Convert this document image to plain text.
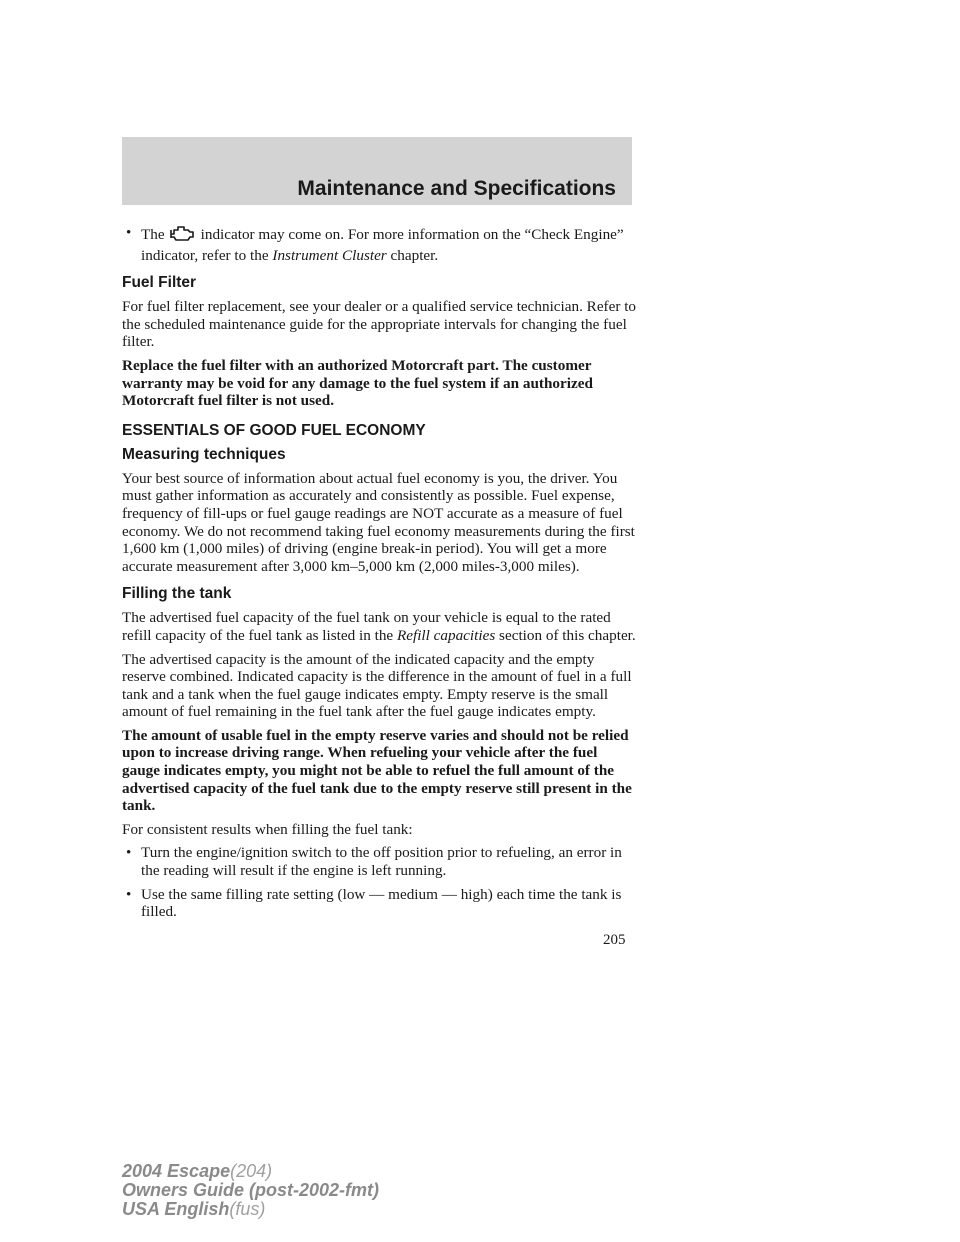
Maintenance and Specifications
• The indicator may come on. For more information on the “Check Engine” indicator, refer to the Instrument Cluster chapter.
Fuel Filter

For fuel filter replacement, see your dealer or a qualified service technician. Refer to the scheduled maintenance guide for the appropriate intervals for changing the fuel filter.

Replace the fuel filter with an authorized Motorcraft part. The customer warranty may be void for any damage to the fuel system if an authorized Motorcraft fuel filter is not used.

ESSENTIALS OF GOOD FUEL ECONOMY
Measuring techniques

Your best source of information about actual fuel economy is you, the driver. You must gather information as accurately and consistently as possible. Fuel expense, frequency of fill-ups or fuel gauge readings are NOT accurate as a measure of fuel economy. We do not recommend taking fuel economy measurements during the first 1,600 km (1,000 miles) of driving (engine break-in period). You will get a more accurate measurement after 3,000 km–5,000 km (2,000 miles-3,000 miles).

Filling the tank

The advertised fuel capacity of the fuel tank on your vehicle is equal to the rated refill capacity of the fuel tank as listed in the Refill capacities section of this chapter.

The advertised capacity is the amount of the indicated capacity and the empty reserve combined. Indicated capacity is the difference in the amount of fuel in a full tank and a tank when the fuel gauge indicates empty. Empty reserve is the small amount of fuel remaining in the fuel tank after the fuel gauge indicates empty.

The amount of usable fuel in the empty reserve varies and should not be relied upon to increase driving range. When refueling your vehicle after the fuel gauge indicates empty, you might not be able to refuel the full amount of the advertised capacity of the fuel tank due to the empty reserve still present in the tank.

For consistent results when filling the fuel tank:

• Turn the engine/ignition switch to the off position prior to refueling, an error in the reading will result if the engine is left running.
• Use the same filling rate setting (low — medium — high) each time the tank is filled.
205
2004 Escape(204)
Owners Guide (post-2002-fmt)
USA English(fus)
